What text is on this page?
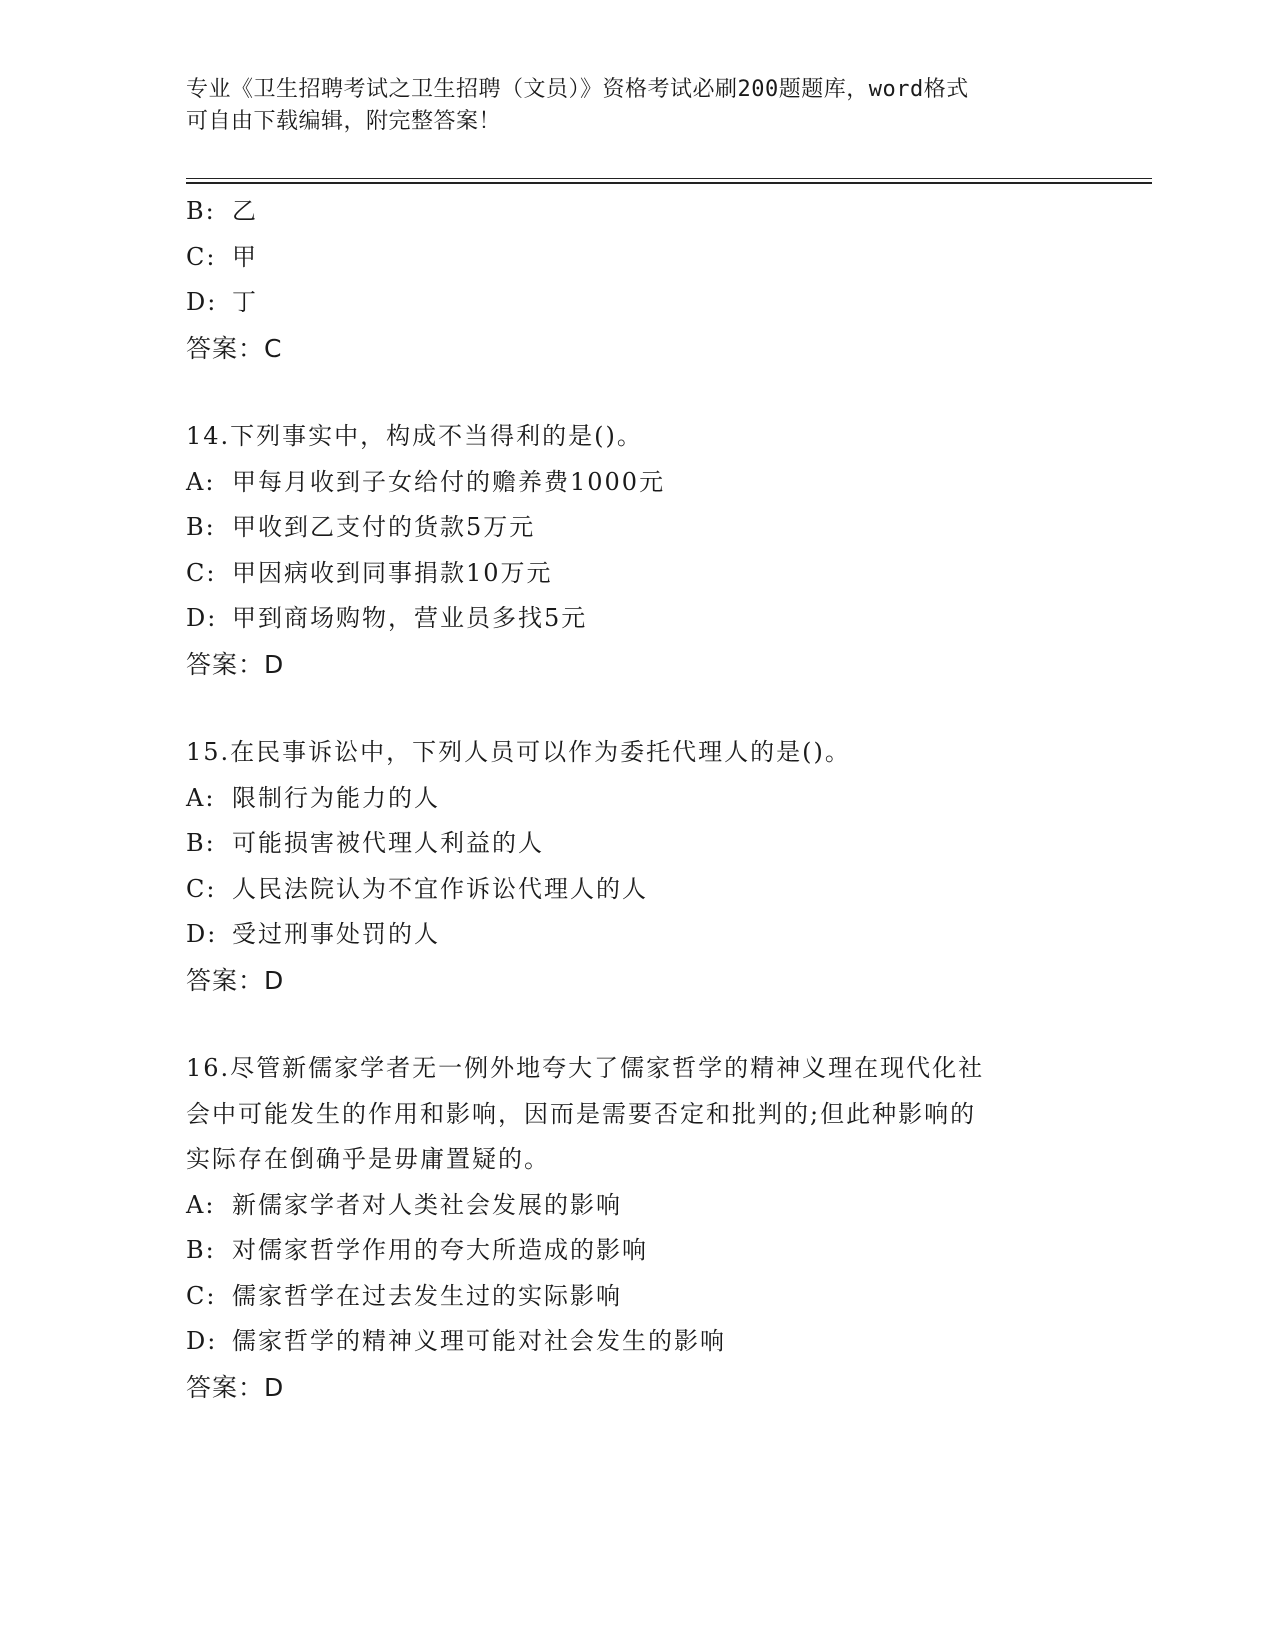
专业《卫生招聘考试之卫生招聘（文员）》资格考试必刷200题题库，word格式
可自由下载编辑，附完整答案！
B: 乙
C: 甲
D: 丁
答案：C
14.下列事实中，构成不当得利的是()。
A: 甲每月收到子女给付的赡养费1000元
B: 甲收到乙支付的货款5万元
C: 甲因病收到同事捐款10万元
D: 甲到商场购物，营业员多找5元
答案：D
15.在民事诉讼中，下列人员可以作为委托代理人的是()。
A: 限制行为能力的人
B: 可能损害被代理人利益的人
C: 人民法院认为不宜作诉讼代理人的人
D: 受过刑事处罚的人
答案：D
16.尽管新儒家学者无一例外地夸大了儒家哲学的精神义理在现代化社
会中可能发生的作用和影响，因而是需要否定和批判的;但此种影响的
实际存在倒确乎是毋庸置疑的。
A: 新儒家学者对人类社会发展的影响
B: 对儒家哲学作用的夸大所造成的影响
C: 儒家哲学在过去发生过的实际影响
D: 儒家哲学的精神义理可能对社会发生的影响
答案：D
